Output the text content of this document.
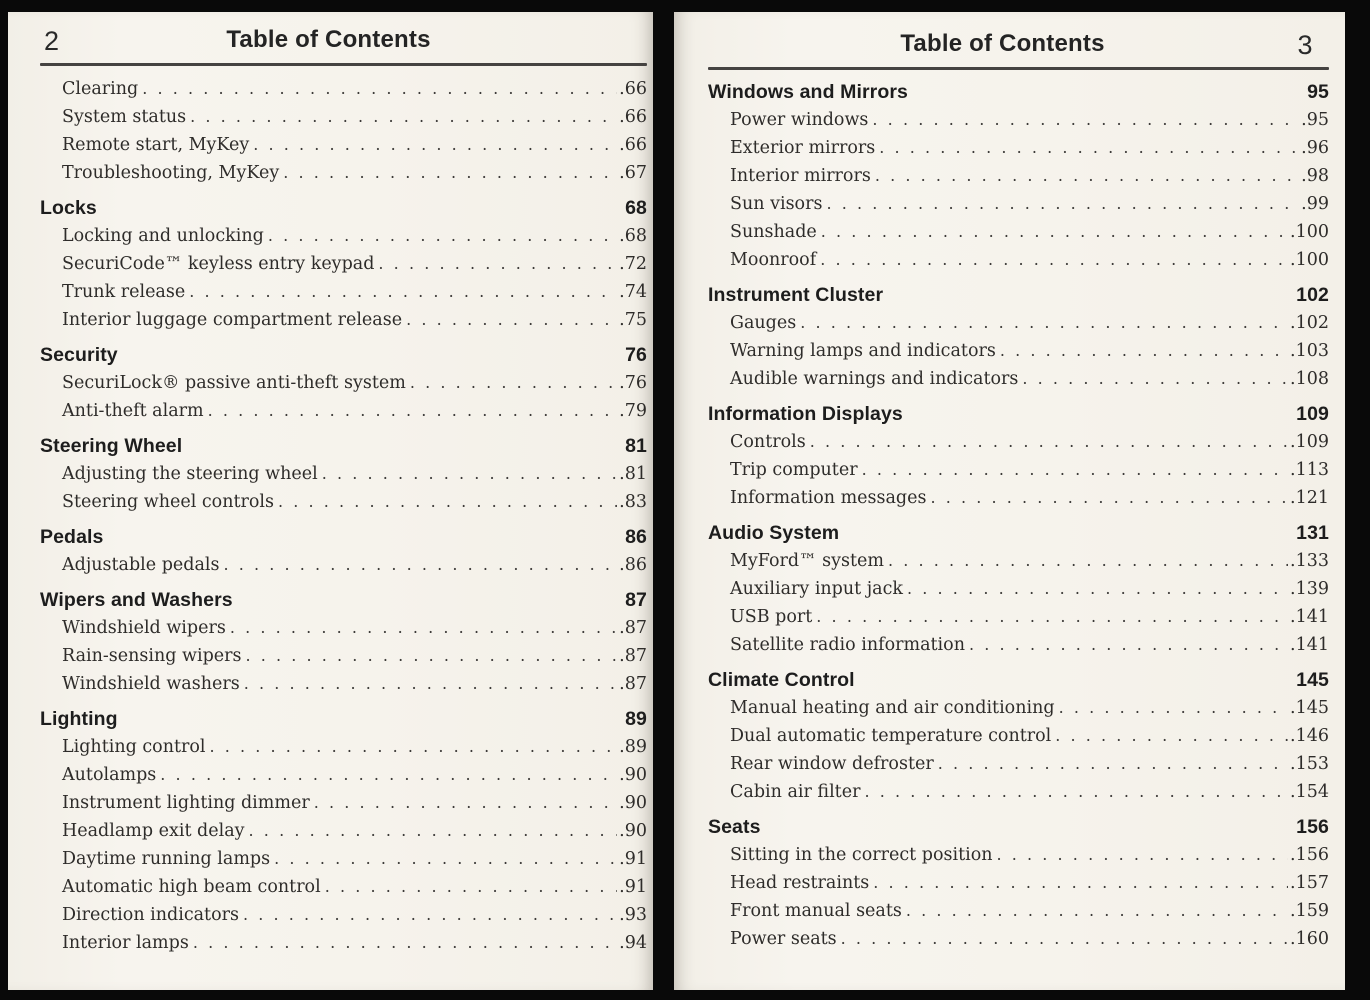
2	Table of Contents
Clearing .  .	. 66
System status .  .	. 66
Remote start, MyKey .  .	. 66
Troubleshooting, MyKey .  .	. 67
Locks	68
Locking and unlocking .  .	. 68
SecuriCode™ keyless entry keypad .  .	. 72
Trunk release .  .	. 74
Interior luggage compartment release .  .	. 75
Security	76
SecuriLock® passive anti-theft system .  .	. 76
Anti-theft alarm .  .	. 79
Steering Wheel	81
Adjusting the steering wheel .  .	. 81
Steering wheel controls .  .	. 83
Pedals	86
Adjustable pedals .  .	. 86
Wipers and Washers	87
Windshield wipers .  .	. 87
Rain-sensing wipers .  .	. 87
Windshield washers .  .	. 87
Lighting	89
Lighting control .  .	. 89
Autolamps .  .	. 90
Instrument lighting dimmer .  .	. 90
Headlamp exit delay .  .	. 90
Daytime running lamps .  .	. 91
Automatic high beam control .  .	. 91
Direction indicators .  .	. 93
Interior lamps .  .	. 94
Table of Contents	3
Windows and Mirrors	95
Power windows .  .	. 95
Exterior mirrors .  .	. 96
Interior mirrors .  .	. 98
Sun visors .  .	. 99
Sunshade .  .	. 100
Moonroof .  .	. 100
Instrument Cluster	102
Gauges .  .	. 102
Warning lamps and indicators .  .	. 103
Audible warnings and indicators .  .	. 108
Information Displays	109
Controls .  .	. 109
Trip computer .  .	. 113
Information messages .  .	. 121
Audio System	131
MyFord™ system .  .	. 133
Auxiliary input jack .  .	. 139
USB port .  .	. 141
Satellite radio information .  .	. 141
Climate Control	145
Manual heating and air conditioning .  .	. 145
Dual automatic temperature control .  .	. 146
Rear window defroster .  .	. 153
Cabin air filter .  .	. 154
Seats	156
Sitting in the correct position .  .	. 156
Head restraints .  .	. 157
Front manual seats .  .	. 159
Power seats .  .	. 160
